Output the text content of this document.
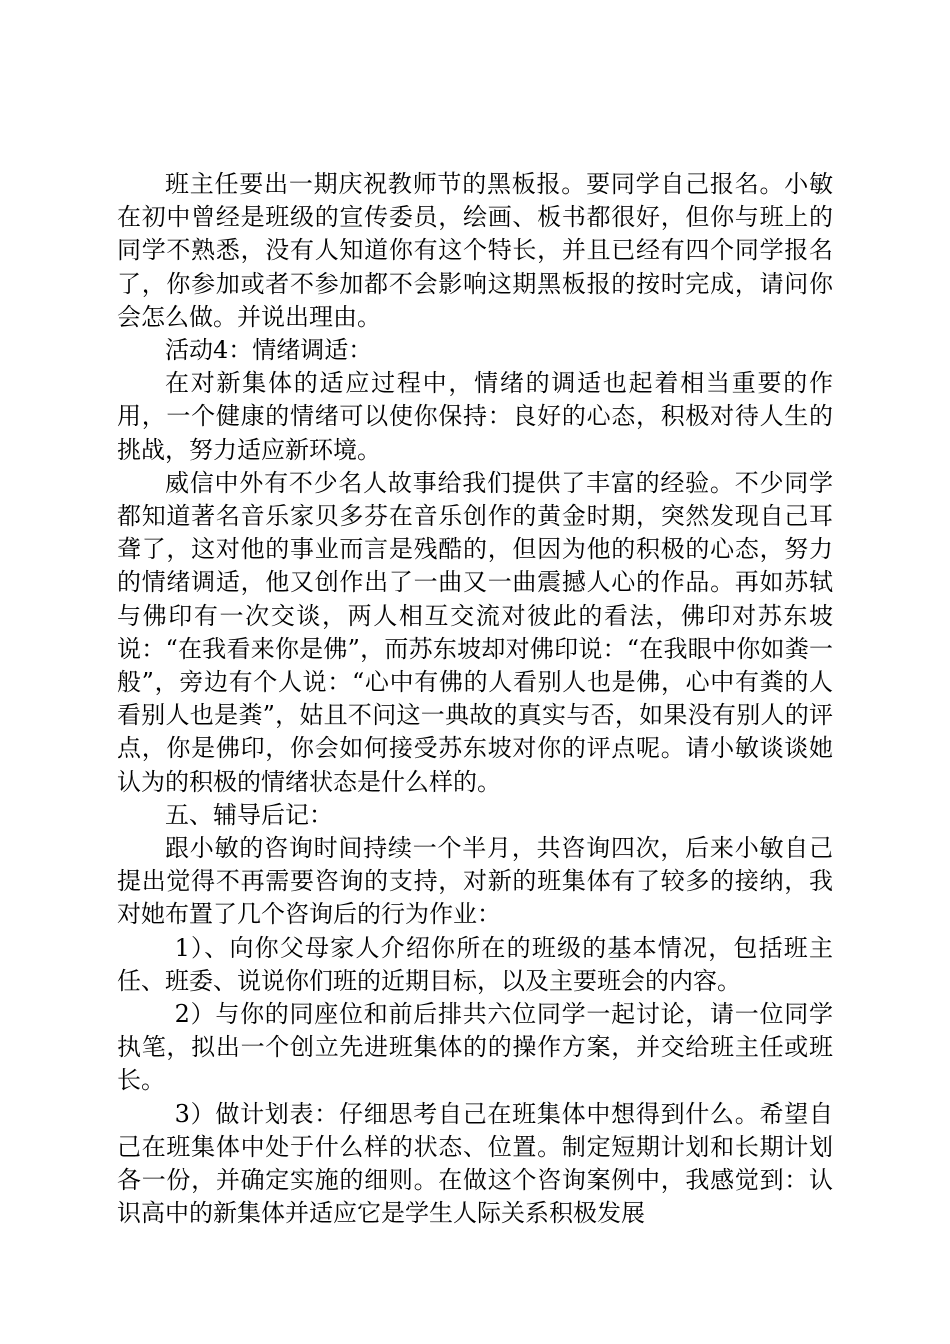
班主任要出一期庆祝教师节的黑板报。要同学自己报名。小敏在初中曾经是班级的宣传委员，绘画、板书都很好，但你与班上的同学不熟悉，没有人知道你有这个特长，并且已经有四个同学报名了，你参加或者不参加都不会影响这期黑板报的按时完成，请问你会怎么做。并说出理由。

活动4：情绪调适：

在对新集体的适应过程中，情绪的调适也起着相当重要的作用，一个健康的情绪可以使你保持：良好的心态，积极对待人生的挑战，努力适应新环境。

威信中外有不少名人故事给我们提供了丰富的经验。不少同学都知道著名音乐家贝多芬在音乐创作的黄金时期，突然发现自己耳聋了，这对他的事业而言是残酷的，但因为他的积极的心态，努力的情绪调适，他又创作出了一曲又一曲震撼人心的作品。再如苏轼与佛印有一次交谈，两人相互交流对彼此的看法，佛印对苏东坡说：“在我看来你是佛”，而苏东坡却对佛印说：“在我眼中你如粪一般”，旁边有个人说：“心中有佛的人看别人也是佛，心中有粪的人看别人也是粪”，姑且不问这一典故的真实与否，如果没有别人的评点，你是佛印，你会如何接受苏东坡对你的评点呢。请小敏谈谈她认为的积极的情绪状态是什么样的。

五、辅导后记：

跟小敏的咨询时间持续一个半月，共咨询四次，后来小敏自己提出觉得不再需要咨询的支持，对新的班集体有了较多的接纳，我对她布置了几个咨询后的行为作业：

1）、向你父母家人介绍你所在的班级的基本情况，包括班主任、班委、说说你们班的近期目标，以及主要班会的内容。

2）与你的同座位和前后排共六位同学一起讨论，请一位同学执笔，拟出一个创立先进班集体的的操作方案，并交给班主任或班长。

3）做计划表：仔细思考自己在班集体中想得到什么。希望自己在班集体中处于什么样的状态、位置。制定短期计划和长期计划各一份，并确定实施的细则。在做这个咨询案例中，我感觉到：认识高中的新集体并适应它是学生人际关系积极发展
